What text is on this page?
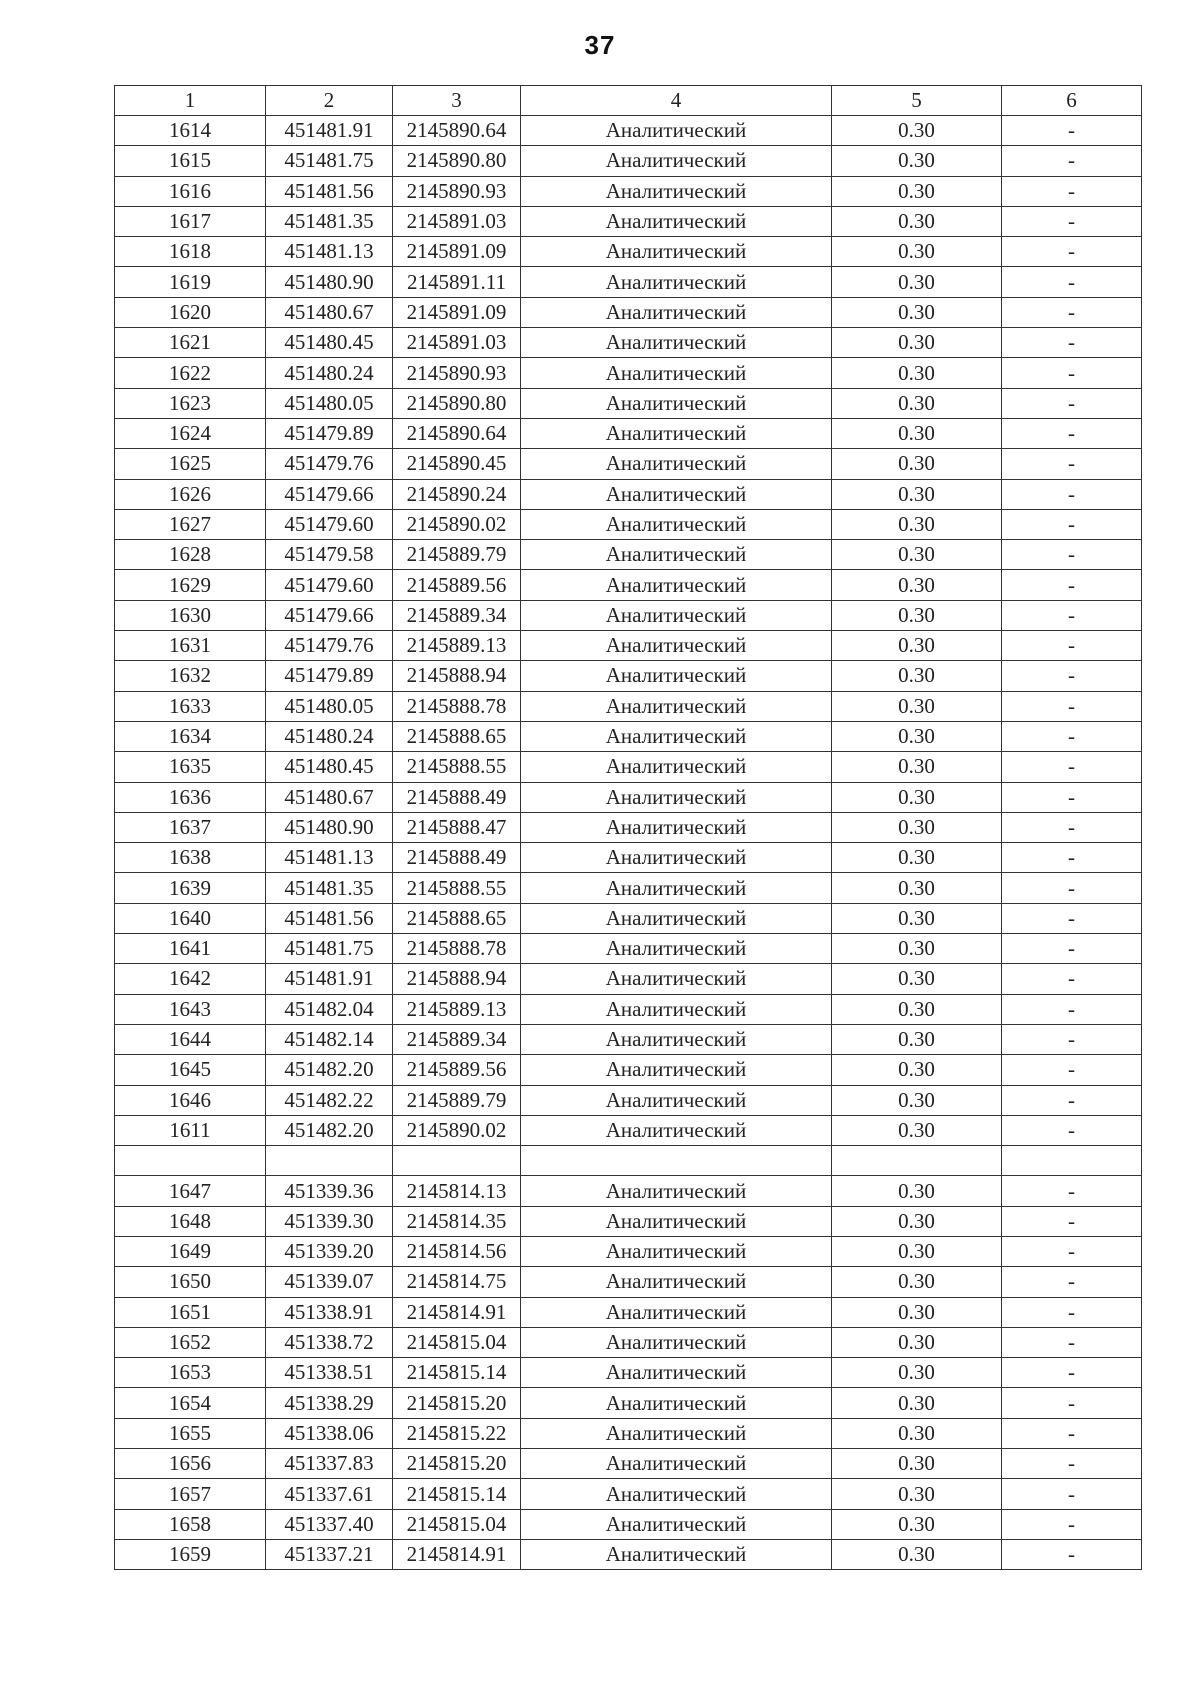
37
1	2	3	4	5	6
1614	451481.91	2145890.64	Аналитический	0.30	-
1615	451481.75	2145890.80	Аналитический	0.30	-
1616	451481.56	2145890.93	Аналитический	0.30	-
1617	451481.35	2145891.03	Аналитический	0.30	-
1618	451481.13	2145891.09	Аналитический	0.30	-
1619	451480.90	2145891.11	Аналитический	0.30	-
1620	451480.67	2145891.09	Аналитический	0.30	-
1621	451480.45	2145891.03	Аналитический	0.30	-
1622	451480.24	2145890.93	Аналитический	0.30	-
1623	451480.05	2145890.80	Аналитический	0.30	-
1624	451479.89	2145890.64	Аналитический	0.30	-
1625	451479.76	2145890.45	Аналитический	0.30	-
1626	451479.66	2145890.24	Аналитический	0.30	-
1627	451479.60	2145890.02	Аналитический	0.30	-
1628	451479.58	2145889.79	Аналитический	0.30	-
1629	451479.60	2145889.56	Аналитический	0.30	-
1630	451479.66	2145889.34	Аналитический	0.30	-
1631	451479.76	2145889.13	Аналитический	0.30	-
1632	451479.89	2145888.94	Аналитический	0.30	-
1633	451480.05	2145888.78	Аналитический	0.30	-
1634	451480.24	2145888.65	Аналитический	0.30	-
1635	451480.45	2145888.55	Аналитический	0.30	-
1636	451480.67	2145888.49	Аналитический	0.30	-
1637	451480.90	2145888.47	Аналитический	0.30	-
1638	451481.13	2145888.49	Аналитический	0.30	-
1639	451481.35	2145888.55	Аналитический	0.30	-
1640	451481.56	2145888.65	Аналитический	0.30	-
1641	451481.75	2145888.78	Аналитический	0.30	-
1642	451481.91	2145888.94	Аналитический	0.30	-
1643	451482.04	2145889.13	Аналитический	0.30	-
1644	451482.14	2145889.34	Аналитический	0.30	-
1645	451482.20	2145889.56	Аналитический	0.30	-
1646	451482.22	2145889.79	Аналитический	0.30	-
1611	451482.20	2145890.02	Аналитический	0.30	-

1647	451339.36	2145814.13	Аналитический	0.30	-
1648	451339.30	2145814.35	Аналитический	0.30	-
1649	451339.20	2145814.56	Аналитический	0.30	-
1650	451339.07	2145814.75	Аналитический	0.30	-
1651	451338.91	2145814.91	Аналитический	0.30	-
1652	451338.72	2145815.04	Аналитический	0.30	-
1653	451338.51	2145815.14	Аналитический	0.30	-
1654	451338.29	2145815.20	Аналитический	0.30	-
1655	451338.06	2145815.22	Аналитический	0.30	-
1656	451337.83	2145815.20	Аналитический	0.30	-
1657	451337.61	2145815.14	Аналитический	0.30	-
1658	451337.40	2145815.04	Аналитический	0.30	-
1659	451337.21	2145814.91	Аналитический	0.30	-
